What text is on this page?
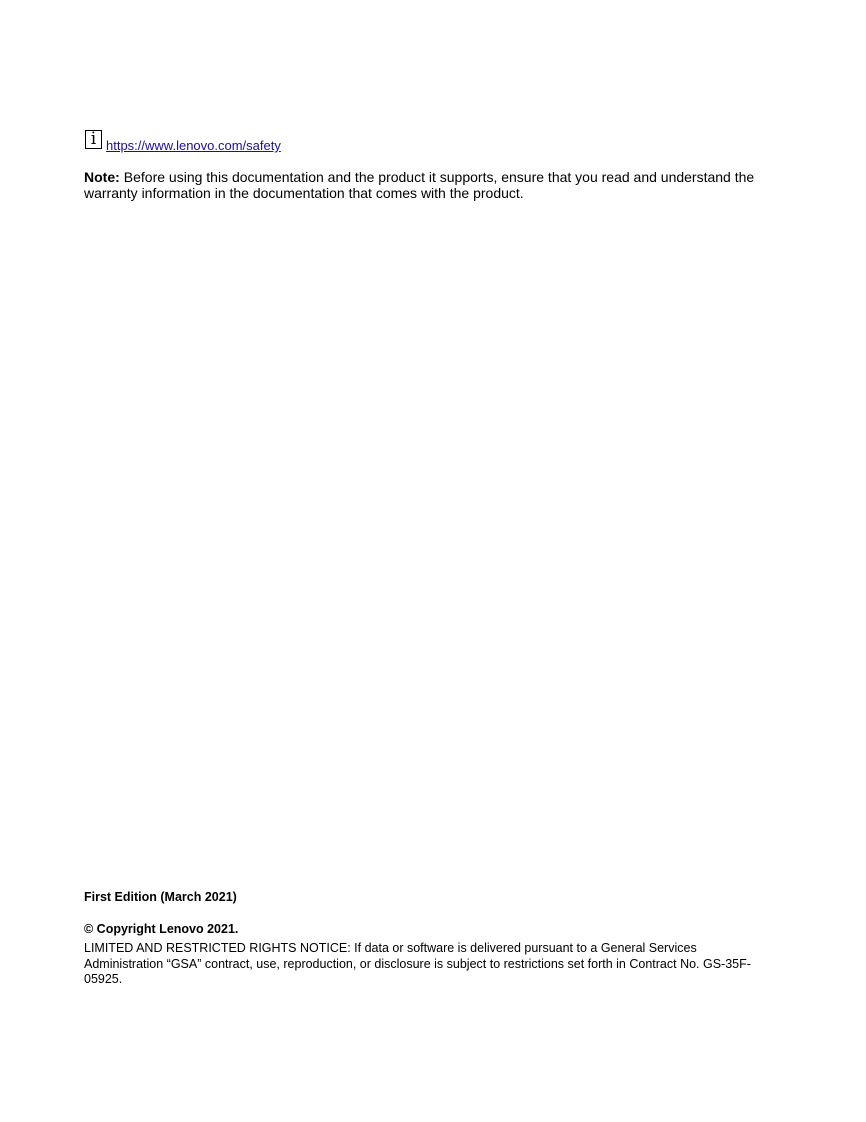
i https://www.lenovo.com/safety
Note: Before using this documentation and the product it supports, ensure that you read and understand the warranty information in the documentation that comes with the product.
First Edition (March 2021)
© Copyright Lenovo 2021.
LIMITED AND RESTRICTED RIGHTS NOTICE: If data or software is delivered pursuant to a General Services Administration “GSA” contract, use, reproduction, or disclosure is subject to restrictions set forth in Contract No. GS-35F-05925.
